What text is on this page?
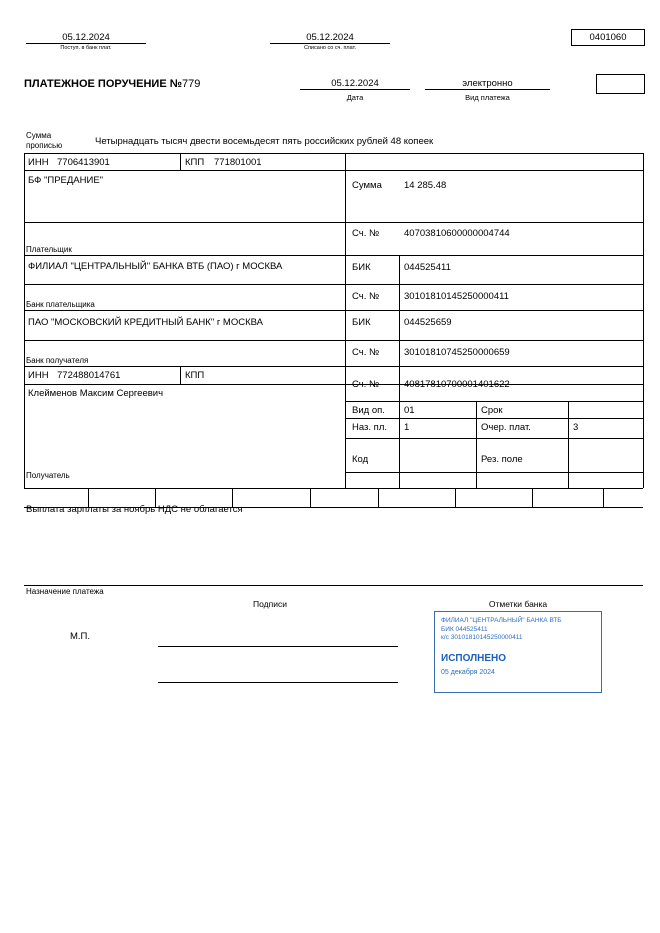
05.12.2024
Поступ. в банк плат.
05.12.2024
Списано со сч. плат.
0401060
ПЛАТЕЖНОЕ ПОРУЧЕНИЕ №779	05.12.2024
Дата
электронно
Вид платежа
Сумма
прописью	Четырнадцать тысяч двести восемьдесят пять российских рублей 48 копеек
ИНН 7706413901	КПП 771801001
БФ "ПРЕДАНИЕ"
Плательщик
Сумма 14 285.48
Сч. №	40703810600000004744
ФИЛИАЛ "ЦЕНТРАЛЬНЫЙ" БАНКА ВТБ (ПАО) г МОСКВА
Банк плательщика
БИК	044525411
Сч. №	30101810145250000411
ПАО "МОСКОВСКИЙ КРЕДИТНЫЙ БАНК" г МОСКВА
Банк получателя
БИК	044525659
Сч. №	30101810745250000659
ИНН 772488014761	КПП
Клейменов Максим Сергеевич
Получатель
Сч. №	40817810700001401622
Вид оп. 01	Срок
Наз. пл. 1	Очер. плат.	3
Код	Рез. поле
Выплата зарплаты за ноябрь НДС не облагается
Назначение платежа
Подписи	Отметки банка
М.П.
ФИЛИАЛ "ЦЕНТРАЛЬНЫЙ" БАНКА ВТБ
БИК 044525411
к/с 30101810145250000411
ИСПОЛНЕНО
05 декабря 2024
